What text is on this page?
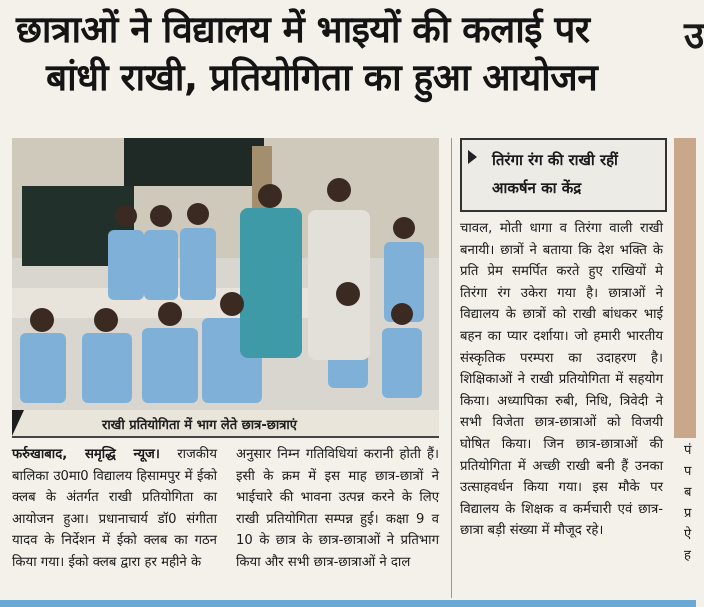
छात्राओं ने विद्यालय में भाइयों की कलाई पर
बांधी राखी, प्रतियोगिता का हुआ आयोजन
उ
राखी प्रतियोगिता में भाग लेते छात्र-छात्राएं
तिरंगा रंग की राखी रहीं आकर्षन का केंद्र

फर्रुखाबाद, समृद्धि न्यूज। राजकीय बालिका उ0मा0 विद्यालय हिसामपुर में ईको क्लब के अंतर्गत राखी प्रतियोगिता का आयोजन हुआ। प्रधानाचार्य डॉ0 संगीता यादव के निर्देशन में ईको क्लब का गठन किया गया। ईको क्लब द्वारा हर महीने के

अनुसार निम्न गतिविधियां करानी होती हैं। इसी के क्रम में इस माह छात्र-छात्रों ने भाईचारे की भावना उत्पन्न करने के लिए राखी प्रतियोगिता सम्पन्न हुई। कक्षा 9 व 10 के छात्र के छात्र-छात्राओं ने प्रतिभाग किया और सभी छात्र-छात्राओं ने दाल

चावल, मोती धागा व तिरंगा वाली राखी बनायी। छात्रों ने बताया कि देश भक्ति के प्रति प्रेम समर्पित करते हुए राखियों मे तिरंगा रंग उकेरा गया है। छात्राओं ने विद्यालय के छात्रों को राखी बांधकर भाई बहन का प्यार दर्शाया। जो हमारी भारतीय संस्कृतिक परम्परा का उदाहरण है। शिक्षिकाओं ने राखी प्रतियोगिता में सहयोग किया। अध्यापिका रुबी, निधि, त्रिवेदी ने सभी विजेता छात्र-छात्राओं को विजयी घोषित किया। जिन छात्र-छात्राओं की प्रतियोगिता में अच्छी राखी बनी हैं उनका उत्साहवर्धन किया गया। इस मौके पर विद्यालय के शिक्षक व कर्मचारी एवं छात्र-छात्रा बड़ी संख्या में मौजूद रहे।

पं
प
ब
प्र
ऐ
ह
